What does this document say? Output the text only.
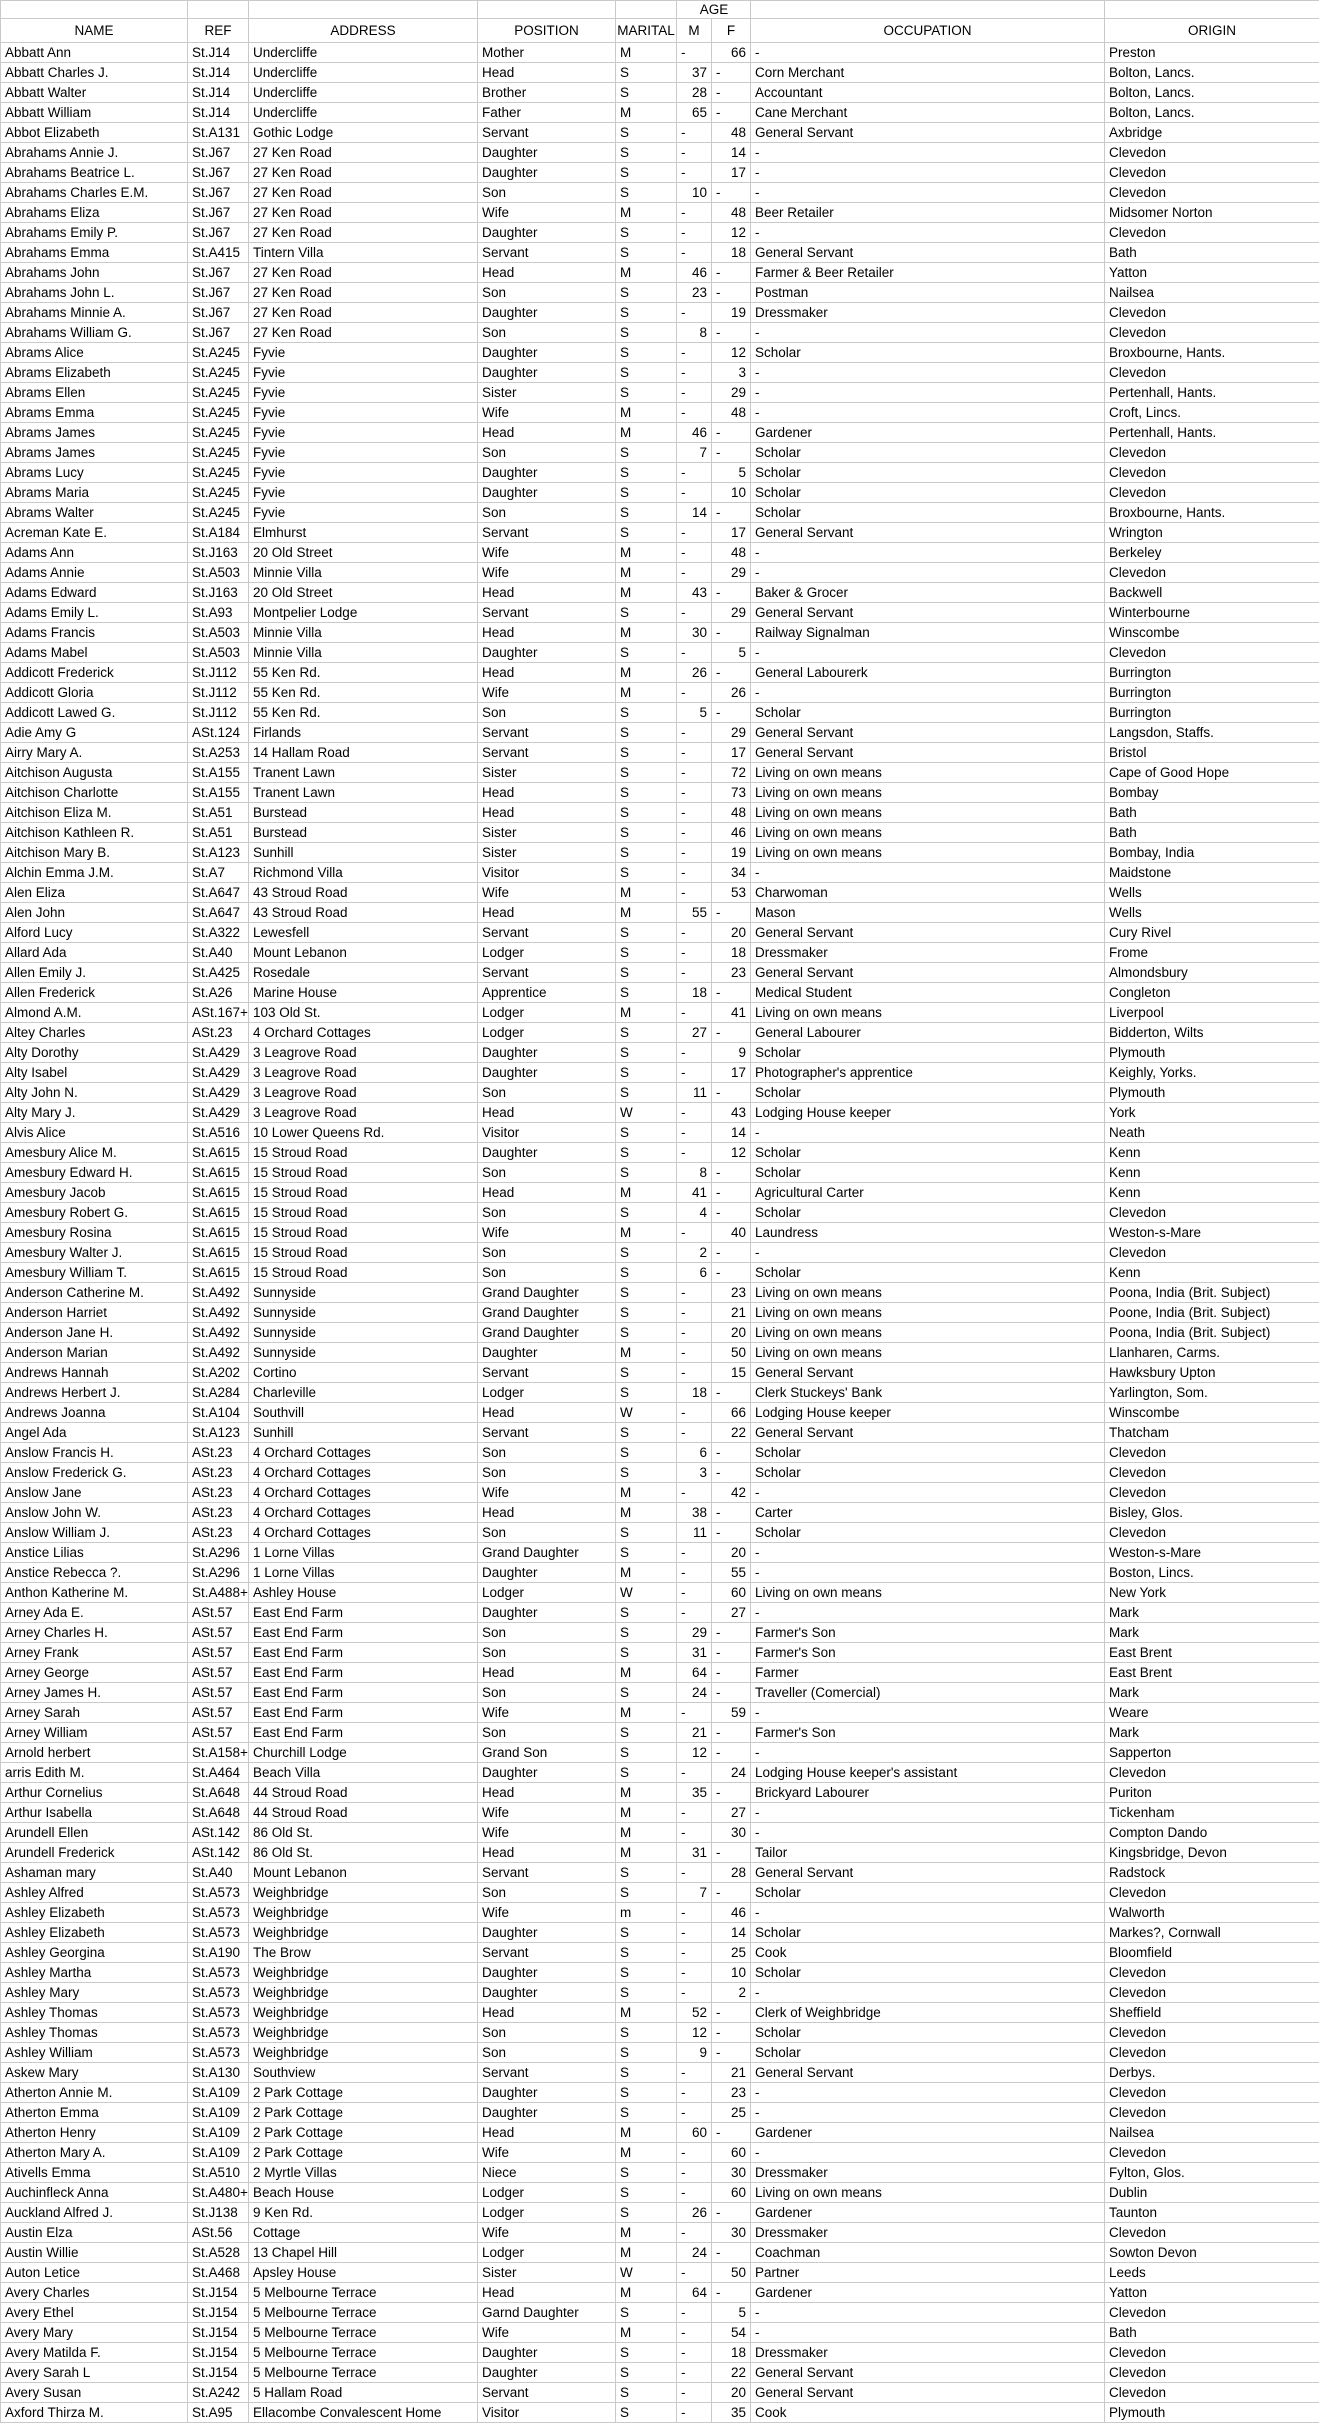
AGE
NAME	REF	ADDRESS	POSITION	MARITAL	M	F	OCCUPATION	ORIGIN
Abbatt Ann	St.J14	Undercliffe	Mother	M	-	66 -	Preston
Abbatt Charles J.	St.J14	Undercliffe	Head	S	37 -	Corn Merchant	Bolton, Lancs.
Abbatt Walter	St.J14	Undercliffe	Brother	S	28 -	Accountant	Bolton, Lancs.
Abbatt William	St.J14	Undercliffe	Father	M	65 -	Cane Merchant	Bolton, Lancs.
Abbot Elizabeth	St.A131 Gothic Lodge	Servant	S	-	48 General Servant	Axbridge
Abrahams Annie J.	St.J67	27 Ken Road	Daughter	S	-	14 -	Clevedon
Abrahams Beatrice L.	St.J67	27 Ken Road	Daughter	S	-	17 -	Clevedon
Abrahams Charles E.M.	St.J67	27 Ken Road	Son	S	10 -	-	Clevedon
Abrahams Eliza	St.J67	27 Ken Road	Wife	M	-	48 Beer Retailer	Midsomer Norton
Abrahams Emily P.	St.J67	27 Ken Road	Daughter	S	-	12 -	Clevedon
Abrahams Emma	St.A415 Tintern Villa	Servant	S	-	18 General Servant	Bath
Abrahams John	St.J67	27 Ken Road	Head	M	46 -	Farmer & Beer Retailer	Yatton
Abrahams John L.	St.J67	27 Ken Road	Son	S	23 -	Postman	Nailsea
Abrahams Minnie A.	St.J67	27 Ken Road	Daughter	S	-	19 Dressmaker	Clevedon
Abrahams William G.	St.J67	27 Ken Road	Son	S	8 -	-	Clevedon
Abrams Alice	St.A245 Fyvie	Daughter	S	-	12 Scholar	Broxbourne, Hants.
Abrams Elizabeth	St.A245 Fyvie	Daughter	S	-	3 -	Clevedon
Abrams Ellen	St.A245 Fyvie	Sister	S	-	29 -	Pertenhall, Hants.
Abrams Emma	St.A245 Fyvie	Wife	M	-	48 -	Croft, Lincs.
Abrams James	St.A245 Fyvie	Head	M	46 -	Gardener	Pertenhall, Hants.
Abrams James	St.A245 Fyvie	Son	S	7 -	Scholar	Clevedon
Abrams Lucy	St.A245 Fyvie	Daughter	S	-	5 Scholar	Clevedon
Abrams Maria	St.A245 Fyvie	Daughter	S	-	10 Scholar	Clevedon
Abrams Walter	St.A245 Fyvie	Son	S	14 -	Scholar	Broxbourne, Hants.
Acreman Kate E.	St.A184 Elmhurst	Servant	S	-	17 General Servant	Wrington
Adams Ann	St.J163	20 Old Street	Wife	M	-	48 -	Berkeley
Adams Annie	St.A503 Minnie Villa	Wife	M	-	29 -	Clevedon
Adams Edward	St.J163	20 Old Street	Head	M	43 -	Baker & Grocer	Backwell
Adams Emily L.	St.A93	Montpelier Lodge	Servant	S	-	29 General Servant	Winterbourne
Adams Francis	St.A503 Minnie Villa	Head	M	30 -	Railway Signalman	Winscombe
Adams Mabel	St.A503 Minnie Villa	Daughter	S	-	5 -	Clevedon
Addicott Frederick	St.J112	55 Ken Rd.	Head	M	26 -	General Labourerk	Burrington
Addicott Gloria	St.J112	55 Ken Rd.	Wife	M	-	26 -	Burrington
Addicott Lawed G.	St.J112	55 Ken Rd.	Son	S	5 -	Scholar	Burrington
Adie Amy G	ASt.124 Firlands	Servant	S	-	29 General Servant	Langsdon, Staffs.
Airry Mary A.	St.A253 14 Hallam Road	Servant	S	-	17 General Servant	Bristol
Aitchison Augusta	St.A155 Tranent Lawn	Sister	S	-	72 Living on own means	Cape of Good Hope
Aitchison Charlotte	St.A155 Tranent Lawn	Head	S	-	73 Living on own means	Bombay
Aitchison Eliza M.	St.A51	Burstead	Head	S	-	48 Living on own means	Bath
Aitchison Kathleen R.	St.A51	Burstead	Sister	S	-	46 Living on own means	Bath
Aitchison Mary B.	St.A123 Sunhill	Sister	S	-	19 Living on own means	Bombay, India
Alchin Emma J.M.	St.A7	Richmond Villa	Visitor	S	-	34 -	Maidstone
Alen Eliza	St.A647 43 Stroud Road	Wife	M	-	53 Charwoman	Wells
Alen John	St.A647 43 Stroud Road	Head	M	55 -	Mason	Wells
Alford Lucy	St.A322 Lewesfell	Servant	S	-	20 General Servant	Cury Rivel
Allard Ada	St.A40	Mount Lebanon	Lodger	S	-	18 Dressmaker	Frome
Allen Emily J.	St.A425 Rosedale	Servant	S	-	23 General Servant	Almondsbury
Allen Frederick	St.A26	Marine House	Apprentice	S	18 -	Medical Student	Congleton
Almond A.M.	ASt.167+ 103 Old St.	Lodger	M	-	41 Living on own means	Liverpool
Altey Charles	ASt.23	4 Orchard Cottages	Lodger	S	27 -	General Labourer	Bidderton, Wilts
Alty Dorothy	St.A429 3 Leagrove Road	Daughter	S	-	9 Scholar	Plymouth
Alty Isabel	St.A429 3 Leagrove Road	Daughter	S	-	17 Photographer's apprentice	Keighly, Yorks.
Alty John N.	St.A429 3 Leagrove Road	Son	S	11 -	Scholar	Plymouth
Alty Mary J.	St.A429 3 Leagrove Road	Head	W	-	43 Lodging House keeper	York
Alvis Alice	St.A516 10 Lower Queens Rd.	Visitor	S	-	14 -	Neath
Amesbury Alice M.	St.A615 15 Stroud Road	Daughter	S	-	12 Scholar	Kenn
Amesbury Edward H.	St.A615 15 Stroud Road	Son	S	8 -	Scholar	Kenn
Amesbury Jacob	St.A615 15 Stroud Road	Head	M	41 -	Agricultural Carter	Kenn
Amesbury Robert G.	St.A615 15 Stroud Road	Son	S	4 -	Scholar	Clevedon
Amesbury Rosina	St.A615 15 Stroud Road	Wife	M	-	40 Laundress	Weston-s-Mare
Amesbury Walter J.	St.A615 15 Stroud Road	Son	S	2 -	-	Clevedon
Amesbury William T.	St.A615 15 Stroud Road	Son	S	6 -	Scholar	Kenn
Anderson Catherine M.	St.A492 Sunnyside	Grand Daughter	S	-	23 Living on own means	Poona, India (Brit. Subject)
Anderson Harriet	St.A492 Sunnyside	Grand Daughter	S	-	21 Living on own means	Poone, India (Brit. Subject)
Anderson Jane H.	St.A492 Sunnyside	Grand Daughter	S	-	20 Living on own means	Poona, India (Brit. Subject)
Anderson Marian	St.A492 Sunnyside	Daughter	M	-	50 Living on own means	Llanharen, Carms.
Andrews Hannah	St.A202 Cortino	Servant	S	-	15 General Servant	Hawksbury Upton
Andrews Herbert J.	St.A284 Charleville	Lodger	S	18 -	Clerk Stuckeys' Bank	Yarlington, Som.
Andrews Joanna	St.A104 Southvill	Head	W	-	66 Lodging House keeper	Winscombe
Angel Ada	St.A123 Sunhill	Servant	S	-	22 General Servant	Thatcham
Anslow Francis H.	ASt.23	4 Orchard Cottages	Son	S	6 -	Scholar	Clevedon
Anslow Frederick G.	ASt.23	4 Orchard Cottages	Son	S	3 -	Scholar	Clevedon
Anslow Jane	ASt.23	4 Orchard Cottages	Wife	M	-	42 -	Clevedon
Anslow John W.	ASt.23	4 Orchard Cottages	Head	M	38 -	Carter	Bisley, Glos.
Anslow William J.	ASt.23	4 Orchard Cottages	Son	S	11 -	Scholar	Clevedon
Anstice Lilias	St.A296 1 Lorne Villas	Grand Daughter	S	-	20 -	Weston-s-Mare
Anstice Rebecca ?.	St.A296 1 Lorne Villas	Daughter	M	-	55 -	Boston, Lincs.
Anthon Katherine M.	St.A488+ Ashley House	Lodger	W	-	60 Living on own means	New York
Arney Ada E.	ASt.57	East End Farm	Daughter	S	-	27 -	Mark
Arney Charles H.	ASt.57	East End Farm	Son	S	29 -	Farmer's Son	Mark
Arney Frank	ASt.57	East End Farm	Son	S	31 -	Farmer's Son	East Brent
Arney George	ASt.57	East End Farm	Head	M	64 -	Farmer	East Brent
Arney James H.	ASt.57	East End Farm	Son	S	24 -	Traveller (Comercial)	Mark
Arney Sarah	ASt.57	East End Farm	Wife	M	-	59 -	Weare
Arney William	ASt.57	East End Farm	Son	S	21 -	Farmer's Son	Mark
Arnold herbert	St.A158+ Churchill Lodge	Grand Son	S	12 -	-	Sapperton
arris Edith M.	St.A464 Beach Villa	Daughter	S	-	24 Lodging House keeper's assistant	Clevedon
Arthur Cornelius	St.A648 44 Stroud Road	Head	M	35 -	Brickyard Labourer	Puriton
Arthur Isabella	St.A648 44 Stroud Road	Wife	M	-	27 -	Tickenham
Arundell Ellen	ASt.142 86 Old St.	Wife	M	-	30 -	Compton Dando
Arundell Frederick	ASt.142 86 Old St.	Head	M	31 -	Tailor	Kingsbridge, Devon
Ashaman mary	St.A40	Mount Lebanon	Servant	S	-	28 General Servant	Radstock
Ashley Alfred	St.A573 Weighbridge	Son	S	7 -	Scholar	Clevedon
Ashley Elizabeth	St.A573 Weighbridge	Wife	m	-	46 -	Walworth
Ashley Elizabeth	St.A573 Weighbridge	Daughter	S	-	14 Scholar	Markes?, Cornwall
Ashley Georgina	St.A190 The Brow	Servant	S	-	25 Cook	Bloomfield
Ashley Martha	St.A573 Weighbridge	Daughter	S	-	10 Scholar	Clevedon
Ashley Mary	St.A573 Weighbridge	Daughter	S	-	2 -	Clevedon
Ashley Thomas	St.A573 Weighbridge	Head	M	52 -	Clerk of Weighbridge	Sheffield
Ashley Thomas	St.A573 Weighbridge	Son	S	12 -	Scholar	Clevedon
Ashley William	St.A573 Weighbridge	Son	S	9 -	Scholar	Clevedon
Askew Mary	St.A130 Southview	Servant	S	-	21 General Servant	Derbys.
Atherton Annie M.	St.A109 2 Park Cottage	Daughter	S	-	23 -	Clevedon
Atherton Emma	St.A109 2 Park Cottage	Daughter	S	-	25 -	Clevedon
Atherton Henry	St.A109 2 Park Cottage	Head	M	60 -	Gardener	Nailsea
Atherton Mary A.	St.A109 2 Park Cottage	Wife	M	-	60 -	Clevedon
Ativells Emma	St.A510 2 Myrtle Villas	Niece	S	-	30 Dressmaker	Fylton, Glos.
Auchinfleck Anna	St.A480+ Beach House	Lodger	S	-	60 Living on own means	Dublin
Auckland Alfred J.	St.J138	9 Ken Rd.	Lodger	S	26 -	Gardener	Taunton
Austin Elza	ASt.56	Cottage	Wife	M	-	30 Dressmaker	Clevedon
Austin Willie	St.A528 13 Chapel Hill	Lodger	M	24 -	Coachman	Sowton Devon
Auton Letice	St.A468 Apsley House	Sister	W	-	50 Partner	Leeds
Avery Charles	St.J154	5 Melbourne Terrace	Head	M	64 -	Gardener	Yatton
Avery Ethel	St.J154	5 Melbourne Terrace	Garnd Daughter	S	-	5 -	Clevedon
Avery Mary	St.J154	5 Melbourne Terrace	Wife	M	-	54 -	Bath
Avery Matilda F.	St.J154	5 Melbourne Terrace	Daughter	S	-	18 Dressmaker	Clevedon
Avery Sarah L	St.J154	5 Melbourne Terrace	Daughter	S	-	22 General Servant	Clevedon
Avery Susan	St.A242 5 Hallam Road	Servant	S	-	20 General Servant	Clevedon
Axford Thirza M.	St.A95	Ellacombe Convalescent Home	Visitor	S	-	35 Cook	Plymouth
